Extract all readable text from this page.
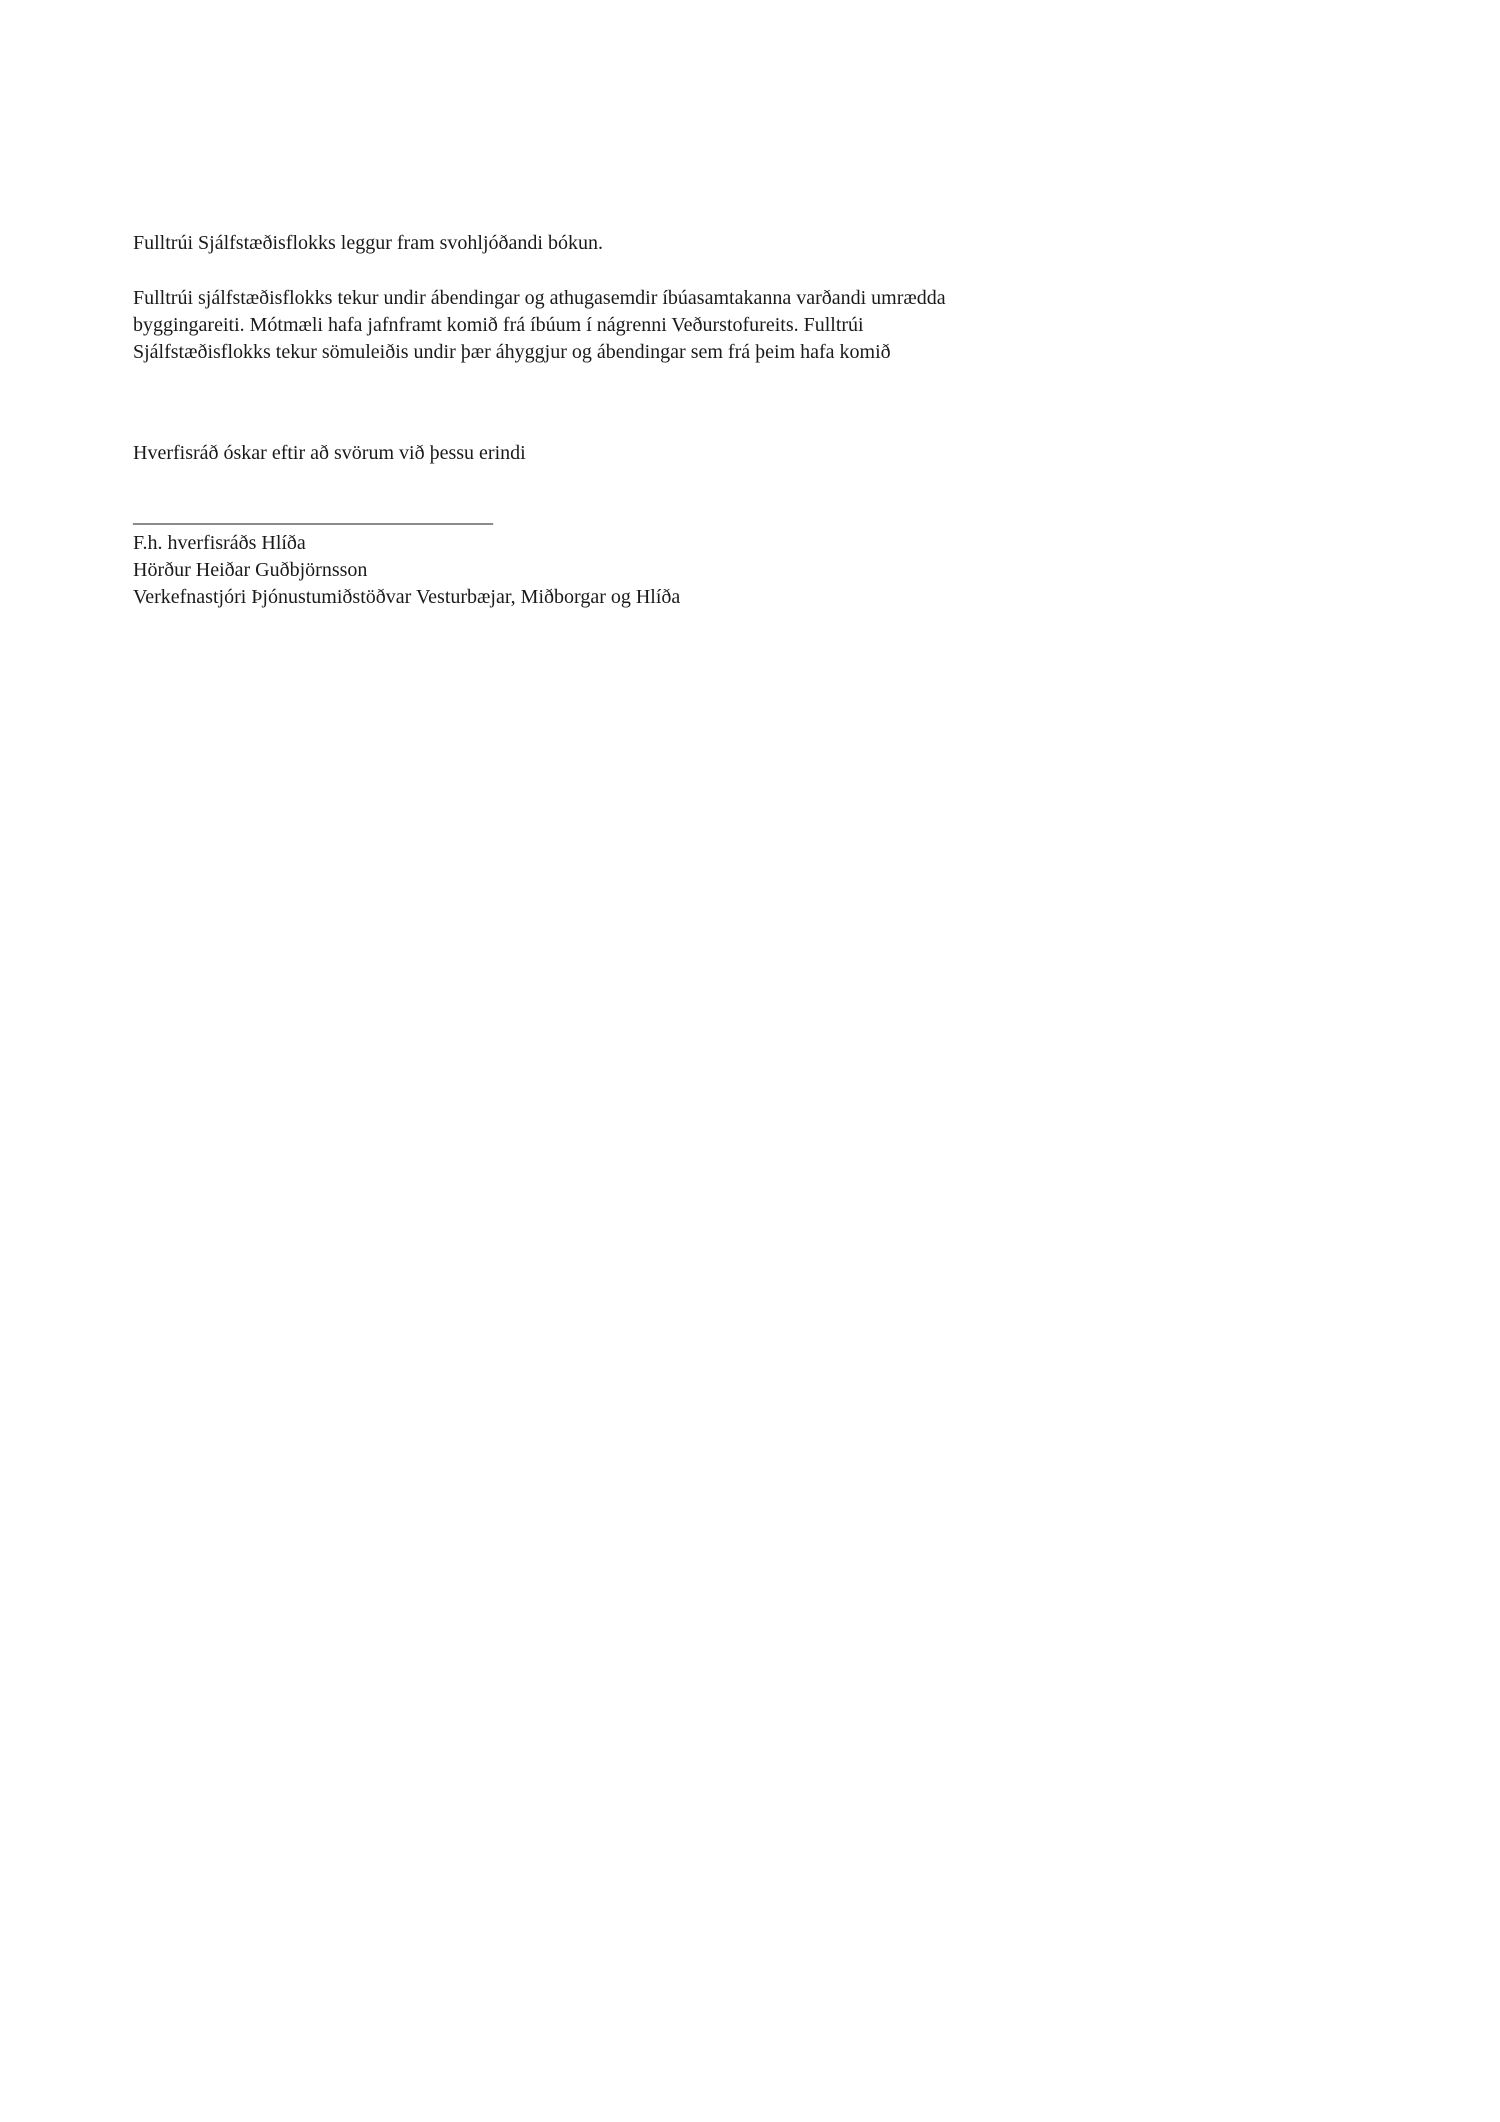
Fulltrúi Sjálfstæðisflokks leggur fram svohljóðandi bókun.

Fulltrúi sjálfstæðisflokks tekur undir ábendingar og athugasemdir íbúasamtakanna varðandi umrædda byggingareiti. Mótmæli hafa jafnframt komið frá íbúum í nágrenni Veðurstofureits. Fulltrúi Sjálfstæðisflokks tekur sömuleiðis undir þær áhyggjur og ábendingar sem frá þeim hafa komið

Hverfisráð óskar eftir að svörum við þessu erindi

____________________________________

F.h. hverfisráðs Hlíða

Hörður Heiðar Guðbjörnsson

Verkefnastjóri Þjónustumiðstöðvar Vesturbæjar, Miðborgar og Hlíða
